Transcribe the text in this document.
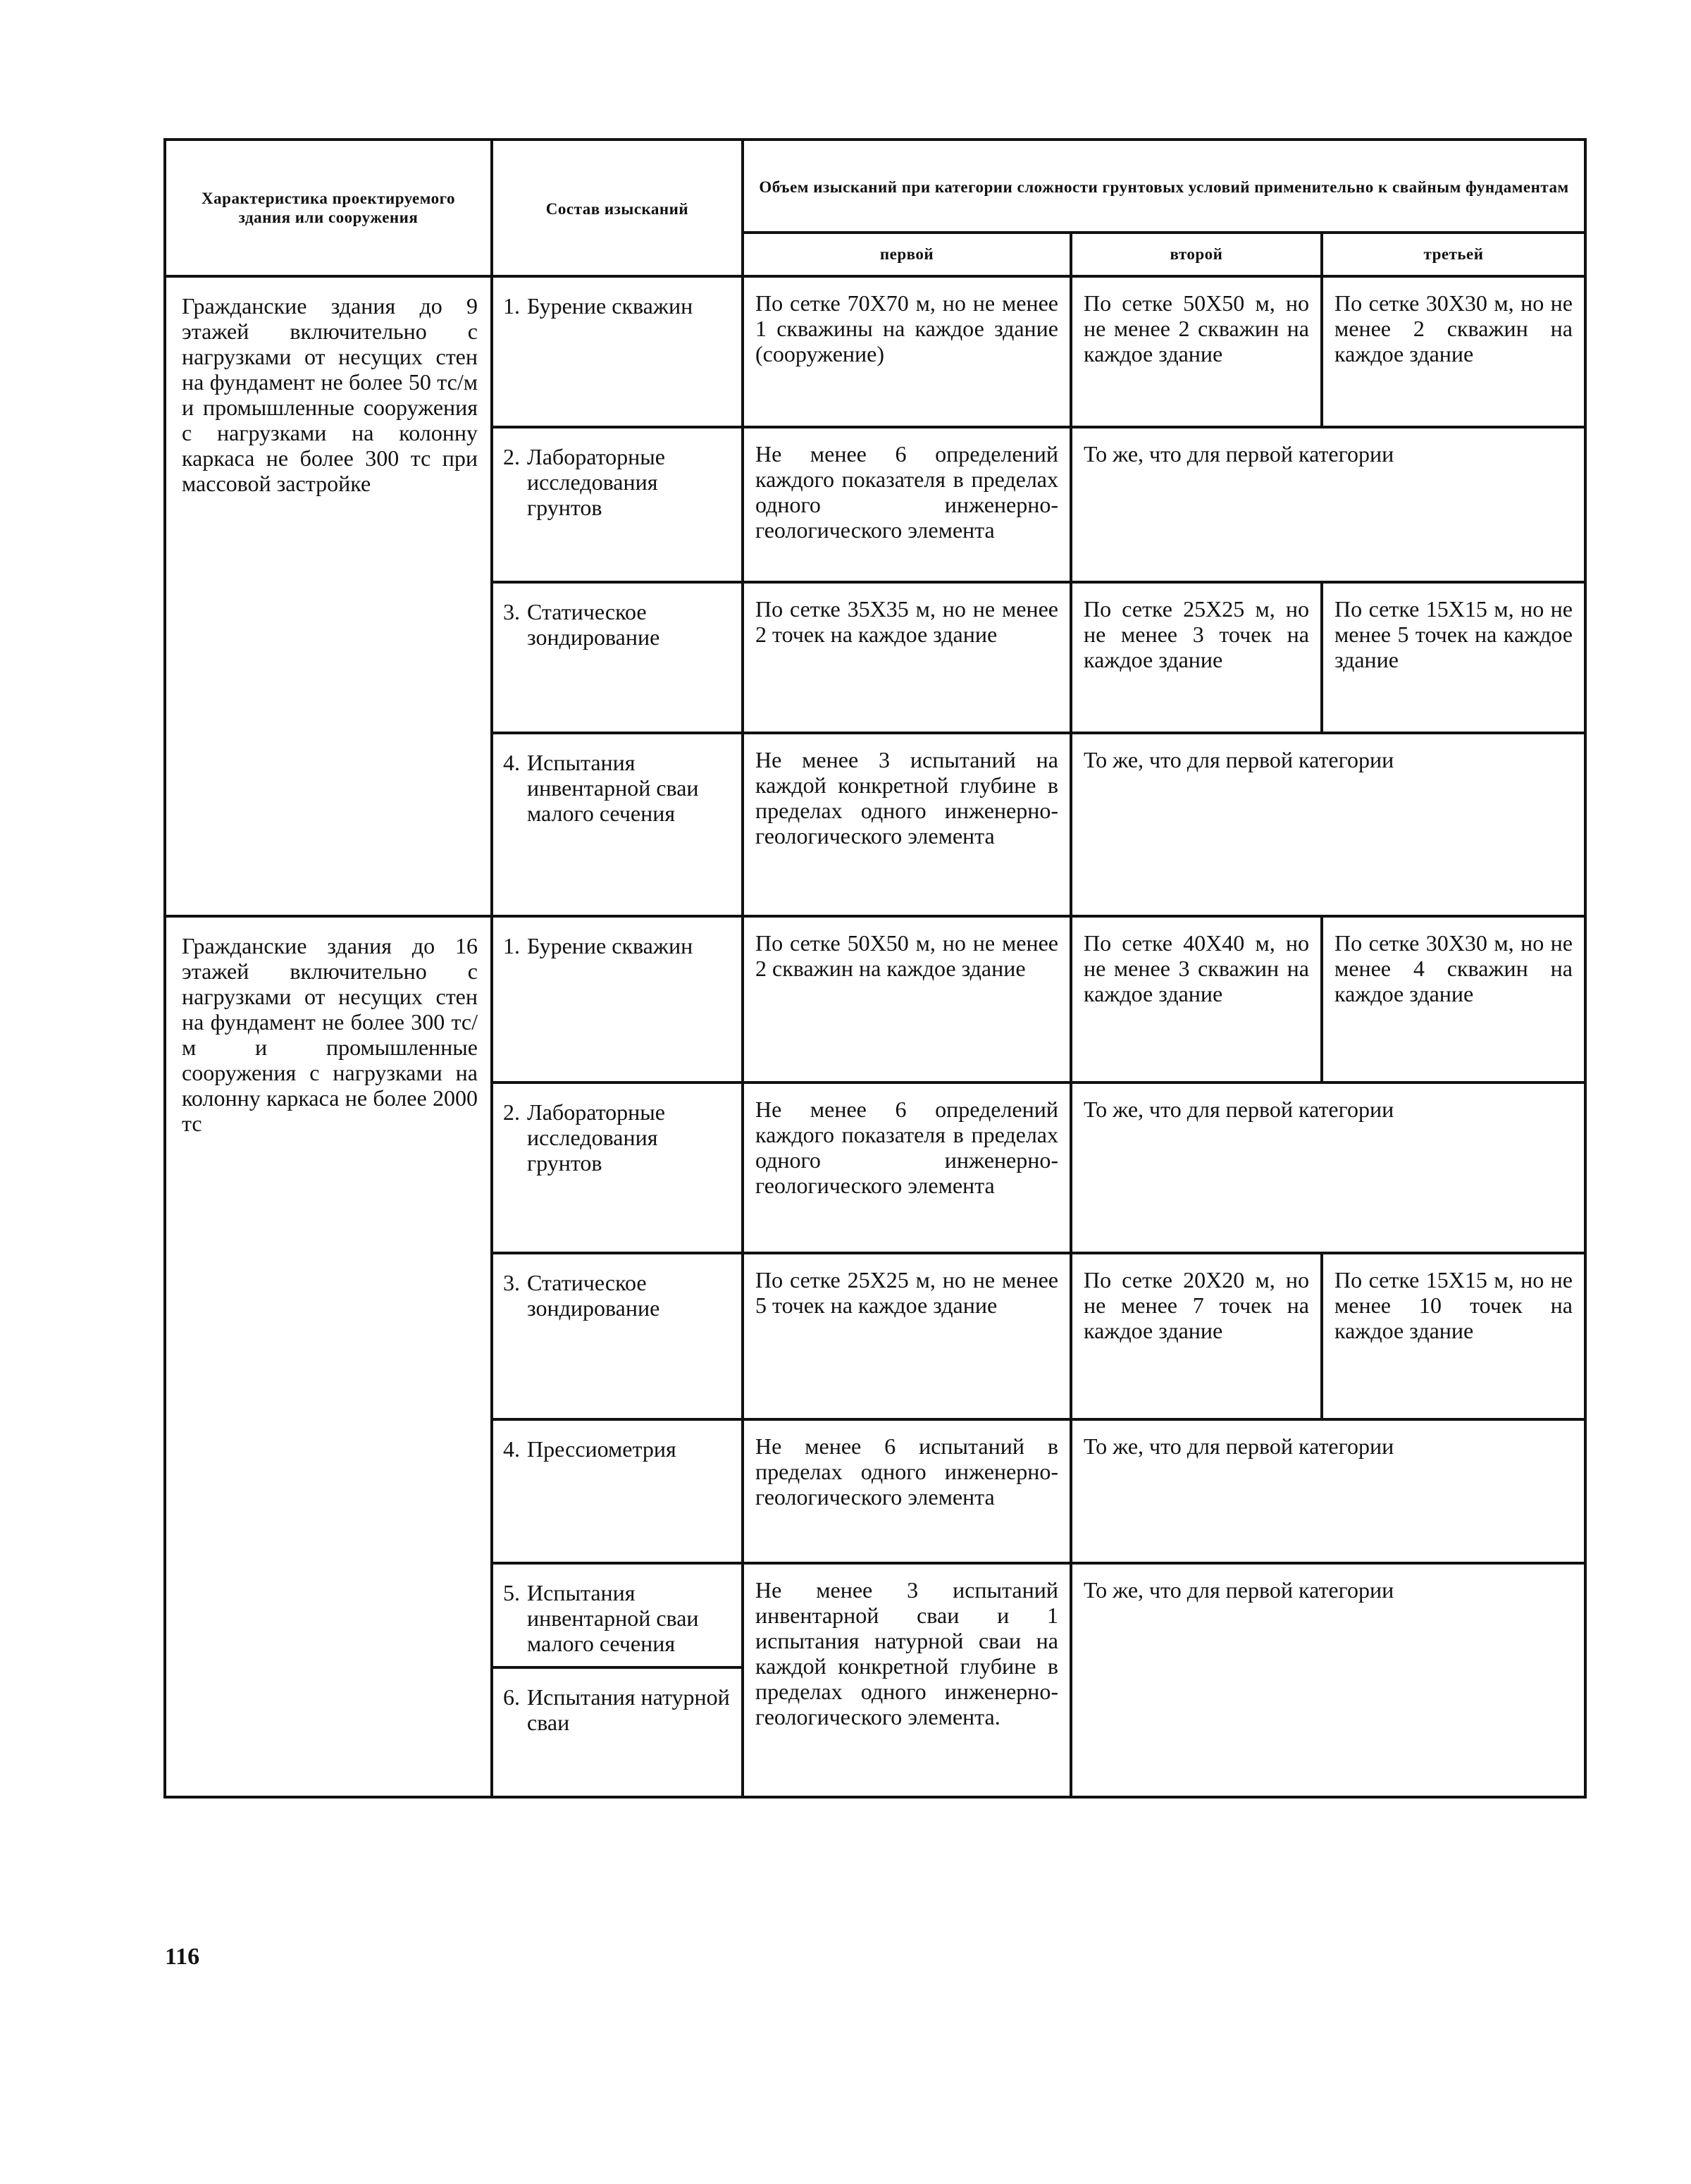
Характеристика проектируемого здания или сооружения	Состав изысканий	Объем изысканий при категории сложности грунтовых условий применительно к свайным фундаментам		

		первой	второй	третьей

Гражданские здания до 9 этажей включительно с нагрузками от несущих стен на фундамент не более 50 тс/м и промышленные сооружения с нагрузками на колонну каркаса не более 300 тс при массовой застройке	1. Бурение скважин	По сетке 70Х70 м, но не менее 1 скважины на каждое здание (сооружение)	По сетке 50Х50 м, но не менее 2 скважин на каждое здание	По сетке 30Х30 м, но не менее 2 скважин на каждое здание

	2. Лабораторные исследования грунтов	Не менее 6 определений каждого показателя в пределах одного инженерно-геологического элемента	То же, что для первой категории	

	3. Статическое зондирование	По сетке 35Х35 м, но не менее 2 точек на каждое здание	По сетке 25Х25 м, но не менее 3 точек на каждое здание	По сетке 15Х15 м, но не менее 5 точек на каждое здание

	4. Испытания инвентарной сваи малого сечения	Не менее 3 испытаний на каждой конкретной глубине в пределах одного инженерно-геологического элемента	То же, что для первой категории	

Гражданские здания до 16 этажей включительно с нагрузками от несущих стен на фундамент не более 300 тс/м и промышленные сооружения с нагрузками на колонну каркаса не более 2000 тс	1. Бурение скважин	По сетке 50Х50 м, но не менее 2 скважин на каждое здание	По сетке 40Х40 м, но не менее 3 скважин на каждое здание	По сетке 30Х30 м, но не менее 4 скважин на каждое здание

	2. Лабораторные исследования грунтов	Не менее 6 определений каждого показателя в пределах одного инженерно-геологического элемента	То же, что для первой категории	

	3. Статическое зондирование	По сетке 25Х25 м, но не менее 5 точек на каждое здание	По сетке 20Х20 м, но не менее 7 точек на каждое здание	По сетке 15Х15 м, но не менее 10 точек на каждое здание

	4. Прессиометрия	Не менее 6 испытаний в пределах одного инженерно-геологического элемента	То же, что для первой категории	

	5. Испытания инвентарной сваи малого сечения	Не менее 3 испытаний инвентарной сваи и 1 испытания натурной сваи на каждой конкретной глубине в пределах одного инженерно-геологического элемента.	То же, что для первой категории	

	6. Испытания натурной сваи			
116
